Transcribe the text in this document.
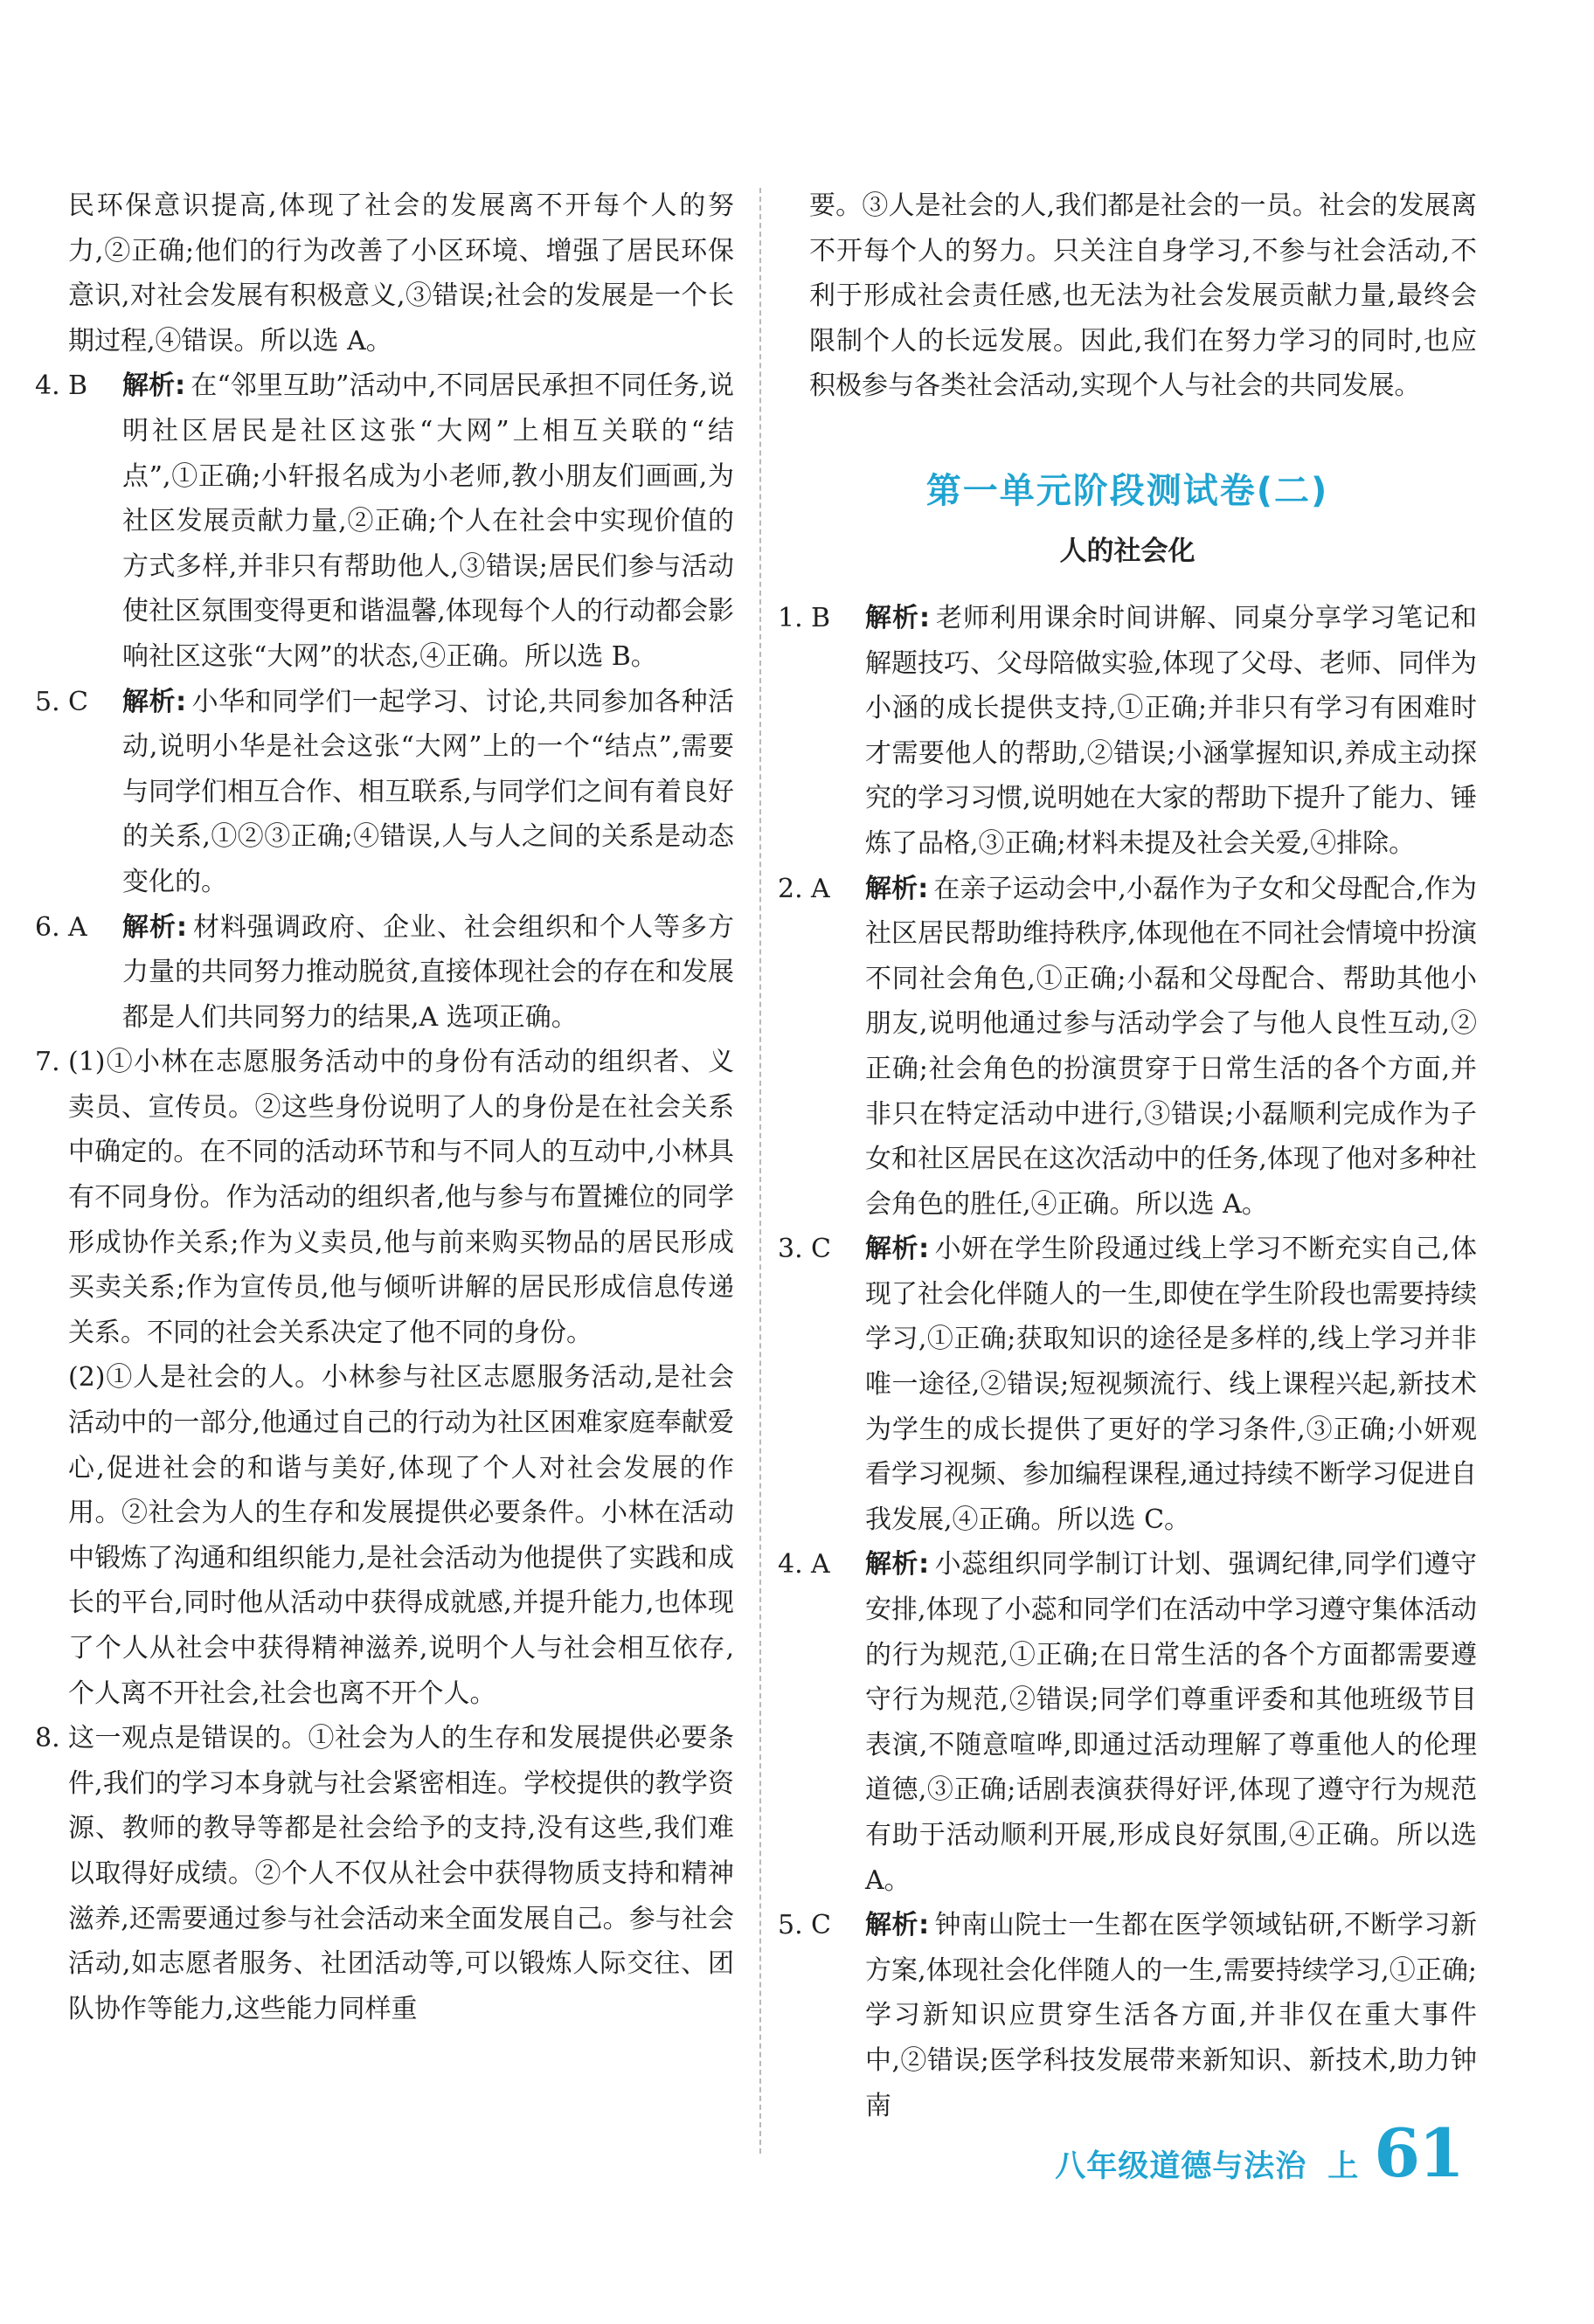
民环保意识提高,体现了社会的发展离不开每个人的努力,②正确;他们的行为改善了小区环境、增强了居民环保意识,对社会发展有积极意义,③错误;社会的发展是一个长期过程,④错误。所以选 A。
4. B	解析: 在“邻里互助”活动中,不同居民承担不同任务,说明社区居民是社区这张“大网”上相互关联的“结点”,①正确;小轩报名成为小老师,教小朋友们画画,为社区发展贡献力量,②正确;个人在社会中实现价值的方式多样,并非只有帮助他人,③错误;居民们参与活动使社区氛围变得更和谐温馨,体现每个人的行动都会影响社区这张“大网”的状态,④正确。所以选 B。
5. C	解析: 小华和同学们一起学习、讨论,共同参加各种活动,说明小华是社会这张“大网”上的一个“结点”,需要与同学们相互合作、相互联系,与同学们之间有着良好的关系,①②③正确;④错误,人与人之间的关系是动态变化的。
6. A	解析: 材料强调政府、企业、社会组织和个人等多方力量的共同努力推动脱贫,直接体现社会的存在和发展都是人们共同努力的结果,A 选项正确。
7. (1)①小林在志愿服务活动中的身份有活动的组织者、义卖员、宣传员。②这些身份说明了人的身份是在社会关系中确定的。在不同的活动环节和与不同人的互动中,小林具有不同身份。作为活动的组织者,他与参与布置摊位的同学形成协作关系;作为义卖员,他与前来购买物品的居民形成买卖关系;作为宣传员,他与倾听讲解的居民形成信息传递关系。不同的社会关系决定了他不同的身份。
(2)①人是社会的人。小林参与社区志愿服务活动,是社会活动中的一部分,他通过自己的行动为社区困难家庭奉献爱心,促进社会的和谐与美好,体现了个人对社会发展的作用。②社会为人的生存和发展提供必要条件。小林在活动中锻炼了沟通和组织能力,是社会活动为他提供了实践和成长的平台,同时他从活动中获得成就感,并提升能力,也体现了个人从社会中获得精神滋养,说明个人与社会相互依存,个人离不开社会,社会也离不开个人。
8. 这一观点是错误的。①社会为人的生存和发展提供必要条件,我们的学习本身就与社会紧密相连。学校提供的教学资源、教师的教导等都是社会给予的支持,没有这些,我们难以取得好成绩。②个人不仅从社会中获得物质支持和精神滋养,还需要通过参与社会活动来全面发展自己。参与社会活动,如志愿者服务、社团活动等,可以锻炼人际交往、团队协作等能力,这些能力同样重
要。③人是社会的人,我们都是社会的一员。社会的发展离不开每个人的努力。只关注自身学习,不参与社会活动,不利于形成社会责任感,也无法为社会发展贡献力量,最终会限制个人的长远发展。因此,我们在努力学习的同时,也应积极参与各类社会活动,实现个人与社会的共同发展。
第一单元阶段测试卷(二)
人的社会化
1. B	解析: 老师利用课余时间讲解、同桌分享学习笔记和解题技巧、父母陪做实验,体现了父母、老师、同伴为小涵的成长提供支持,①正确;并非只有学习有困难时才需要他人的帮助,②错误;小涵掌握知识,养成主动探究的学习习惯,说明她在大家的帮助下提升了能力、锤炼了品格,③正确;材料未提及社会关爱,④排除。
2. A	解析: 在亲子运动会中,小磊作为子女和父母配合,作为社区居民帮助维持秩序,体现他在不同社会情境中扮演不同社会角色,①正确;小磊和父母配合、帮助其他小朋友,说明他通过参与活动学会了与他人良性互动,②正确;社会角色的扮演贯穿于日常生活的各个方面,并非只在特定活动中进行,③错误;小磊顺利完成作为子女和社区居民在这次活动中的任务,体现了他对多种社会角色的胜任,④正确。所以选 A。
3. C	解析: 小妍在学生阶段通过线上学习不断充实自己,体现了社会化伴随人的一生,即使在学生阶段也需要持续学习,①正确;获取知识的途径是多样的,线上学习并非唯一途径,②错误;短视频流行、线上课程兴起,新技术为学生的成长提供了更好的学习条件,③正确;小妍观看学习视频、参加编程课程,通过持续不断学习促进自我发展,④正确。所以选 C。
4. A	解析: 小蕊组织同学制订计划、强调纪律,同学们遵守安排,体现了小蕊和同学们在活动中学习遵守集体活动的行为规范,①正确;在日常生活的各个方面都需要遵守行为规范,②错误;同学们尊重评委和其他班级节目表演,不随意喧哗,即通过活动理解了尊重他人的伦理道德,③正确;话剧表演获得好评,体现了遵守行为规范有助于活动顺利开展,形成良好氛围,④正确。所以选 A。
5. C	解析: 钟南山院士一生都在医学领域钻研,不断学习新方案,体现社会化伴随人的一生,需要持续学习,①正确;学习新知识应贯穿生活各方面,并非仅在重大事件中,②错误;医学科技发展带来新知识、新技术,助力钟南
八年级道德与法治 上 61
